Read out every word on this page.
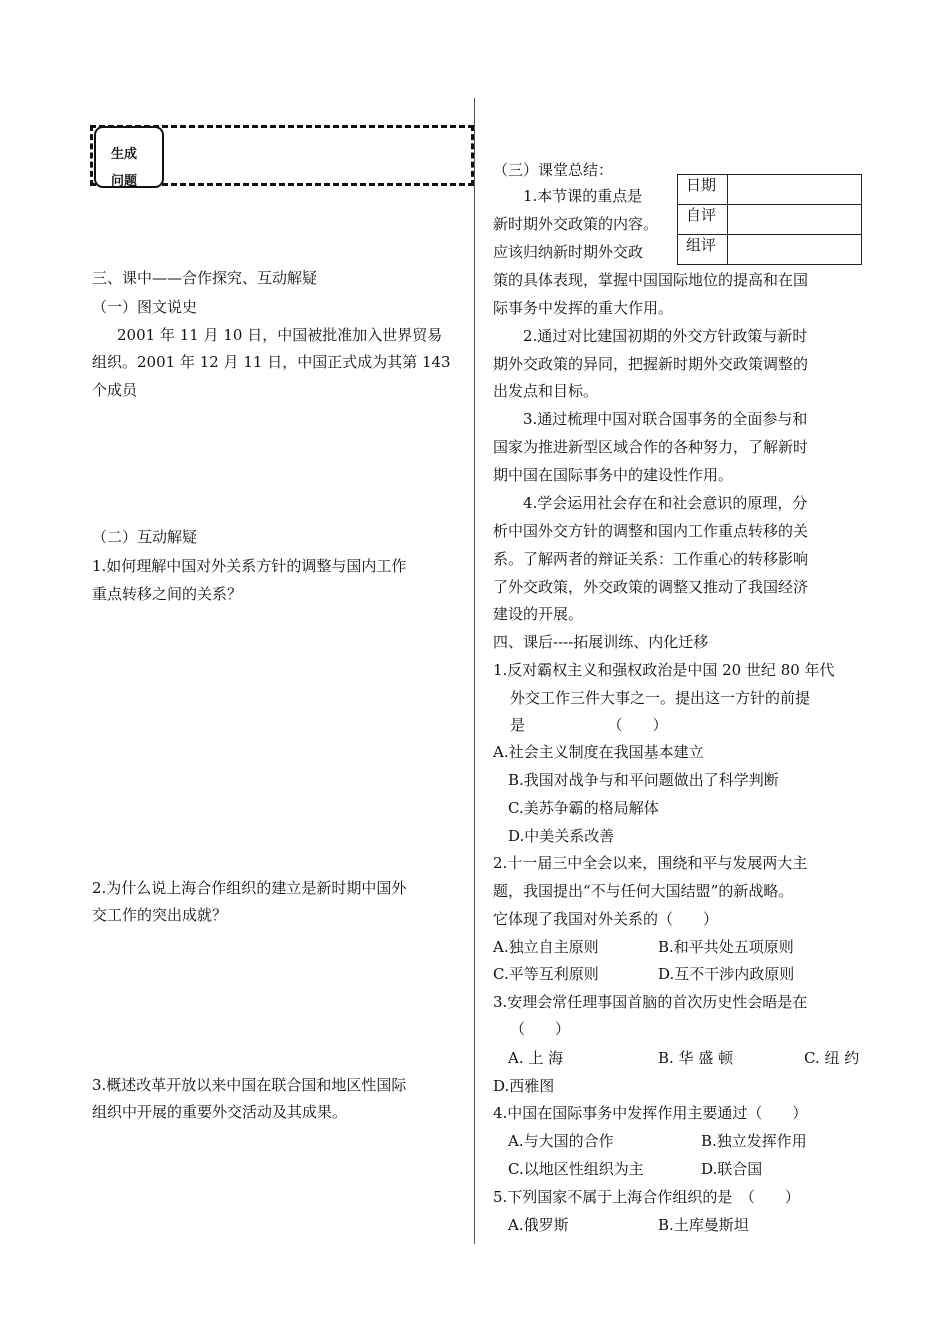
生成
问题
三、课中——合作探究、互动解疑
（一）图文说史
2001 年 11 月 10 日，中国被批准加入世界贸易
组织。2001 年 12 月 11 日，中国正式成为其第 143
个成员
（二）互动解疑
1.如何理解中国对外关系方针的调整与国内工作
重点转移之间的关系？
2.为什么说上海合作组织的建立是新时期中国外
交工作的突出成就？
3.概述改革开放以来中国在联合国和地区性国际
组织中开展的重要外交活动及其成果。
（三）课堂总结：
日期	
自评	
组评	
1.本节课的重点是
新时期外交政策的内容。
应该归纳新时期外交政
策的具体表现，掌握中国国际地位的提高和在国
际事务中发挥的重大作用。
2.通过对比建国初期的外交方针政策与新时
期外交政策的异同，把握新时期外交政策调整的
出发点和目标。
3.通过梳理中国对联合国事务的全面参与和
国家为推进新型区域合作的各种努力，了解新时
期中国在国际事务中的建设性作用。
4.学会运用社会存在和社会意识的原理，分
析中国外交方针的调整和国内工作重点转移的关
系。了解两者的辩证关系：工作重心的转移影响
了外交政策，外交政策的调整又推动了我国经济
建设的开展。
四、课后----拓展训练、内化迁移
1.反对霸权主义和强权政治是中国 20 世纪 80 年代
外交工作三件大事之一。提出这一方针的前提
是　　　　　　（　　）
A.社会主义制度在我国基本建立
B.我国对战争与和平问题做出了科学判断
C.美苏争霸的格局解体
D.中美关系改善
2.十一届三中全会以来，围绕和平与发展两大主
题，我国提出“不与任何大国结盟”的新战略。
它体现了我国对外关系的（　　）
A.独立自主原则	B.和平共处五项原则
C.平等互利原则	D.互不干涉内政原则
3.安理会常任理事国首脑的首次历史性会晤是在
（　　）
A. 上 海	B. 华 盛 顿	C. 纽 约
D.西雅图
4.中国在国际事务中发挥作用主要通过（　　）
A.与大国的合作	B.独立发挥作用
C.以地区性组织为主	D.联合国
5.下列国家不属于上海合作组织的是　（　　）
A.俄罗斯	B.土库曼斯坦
